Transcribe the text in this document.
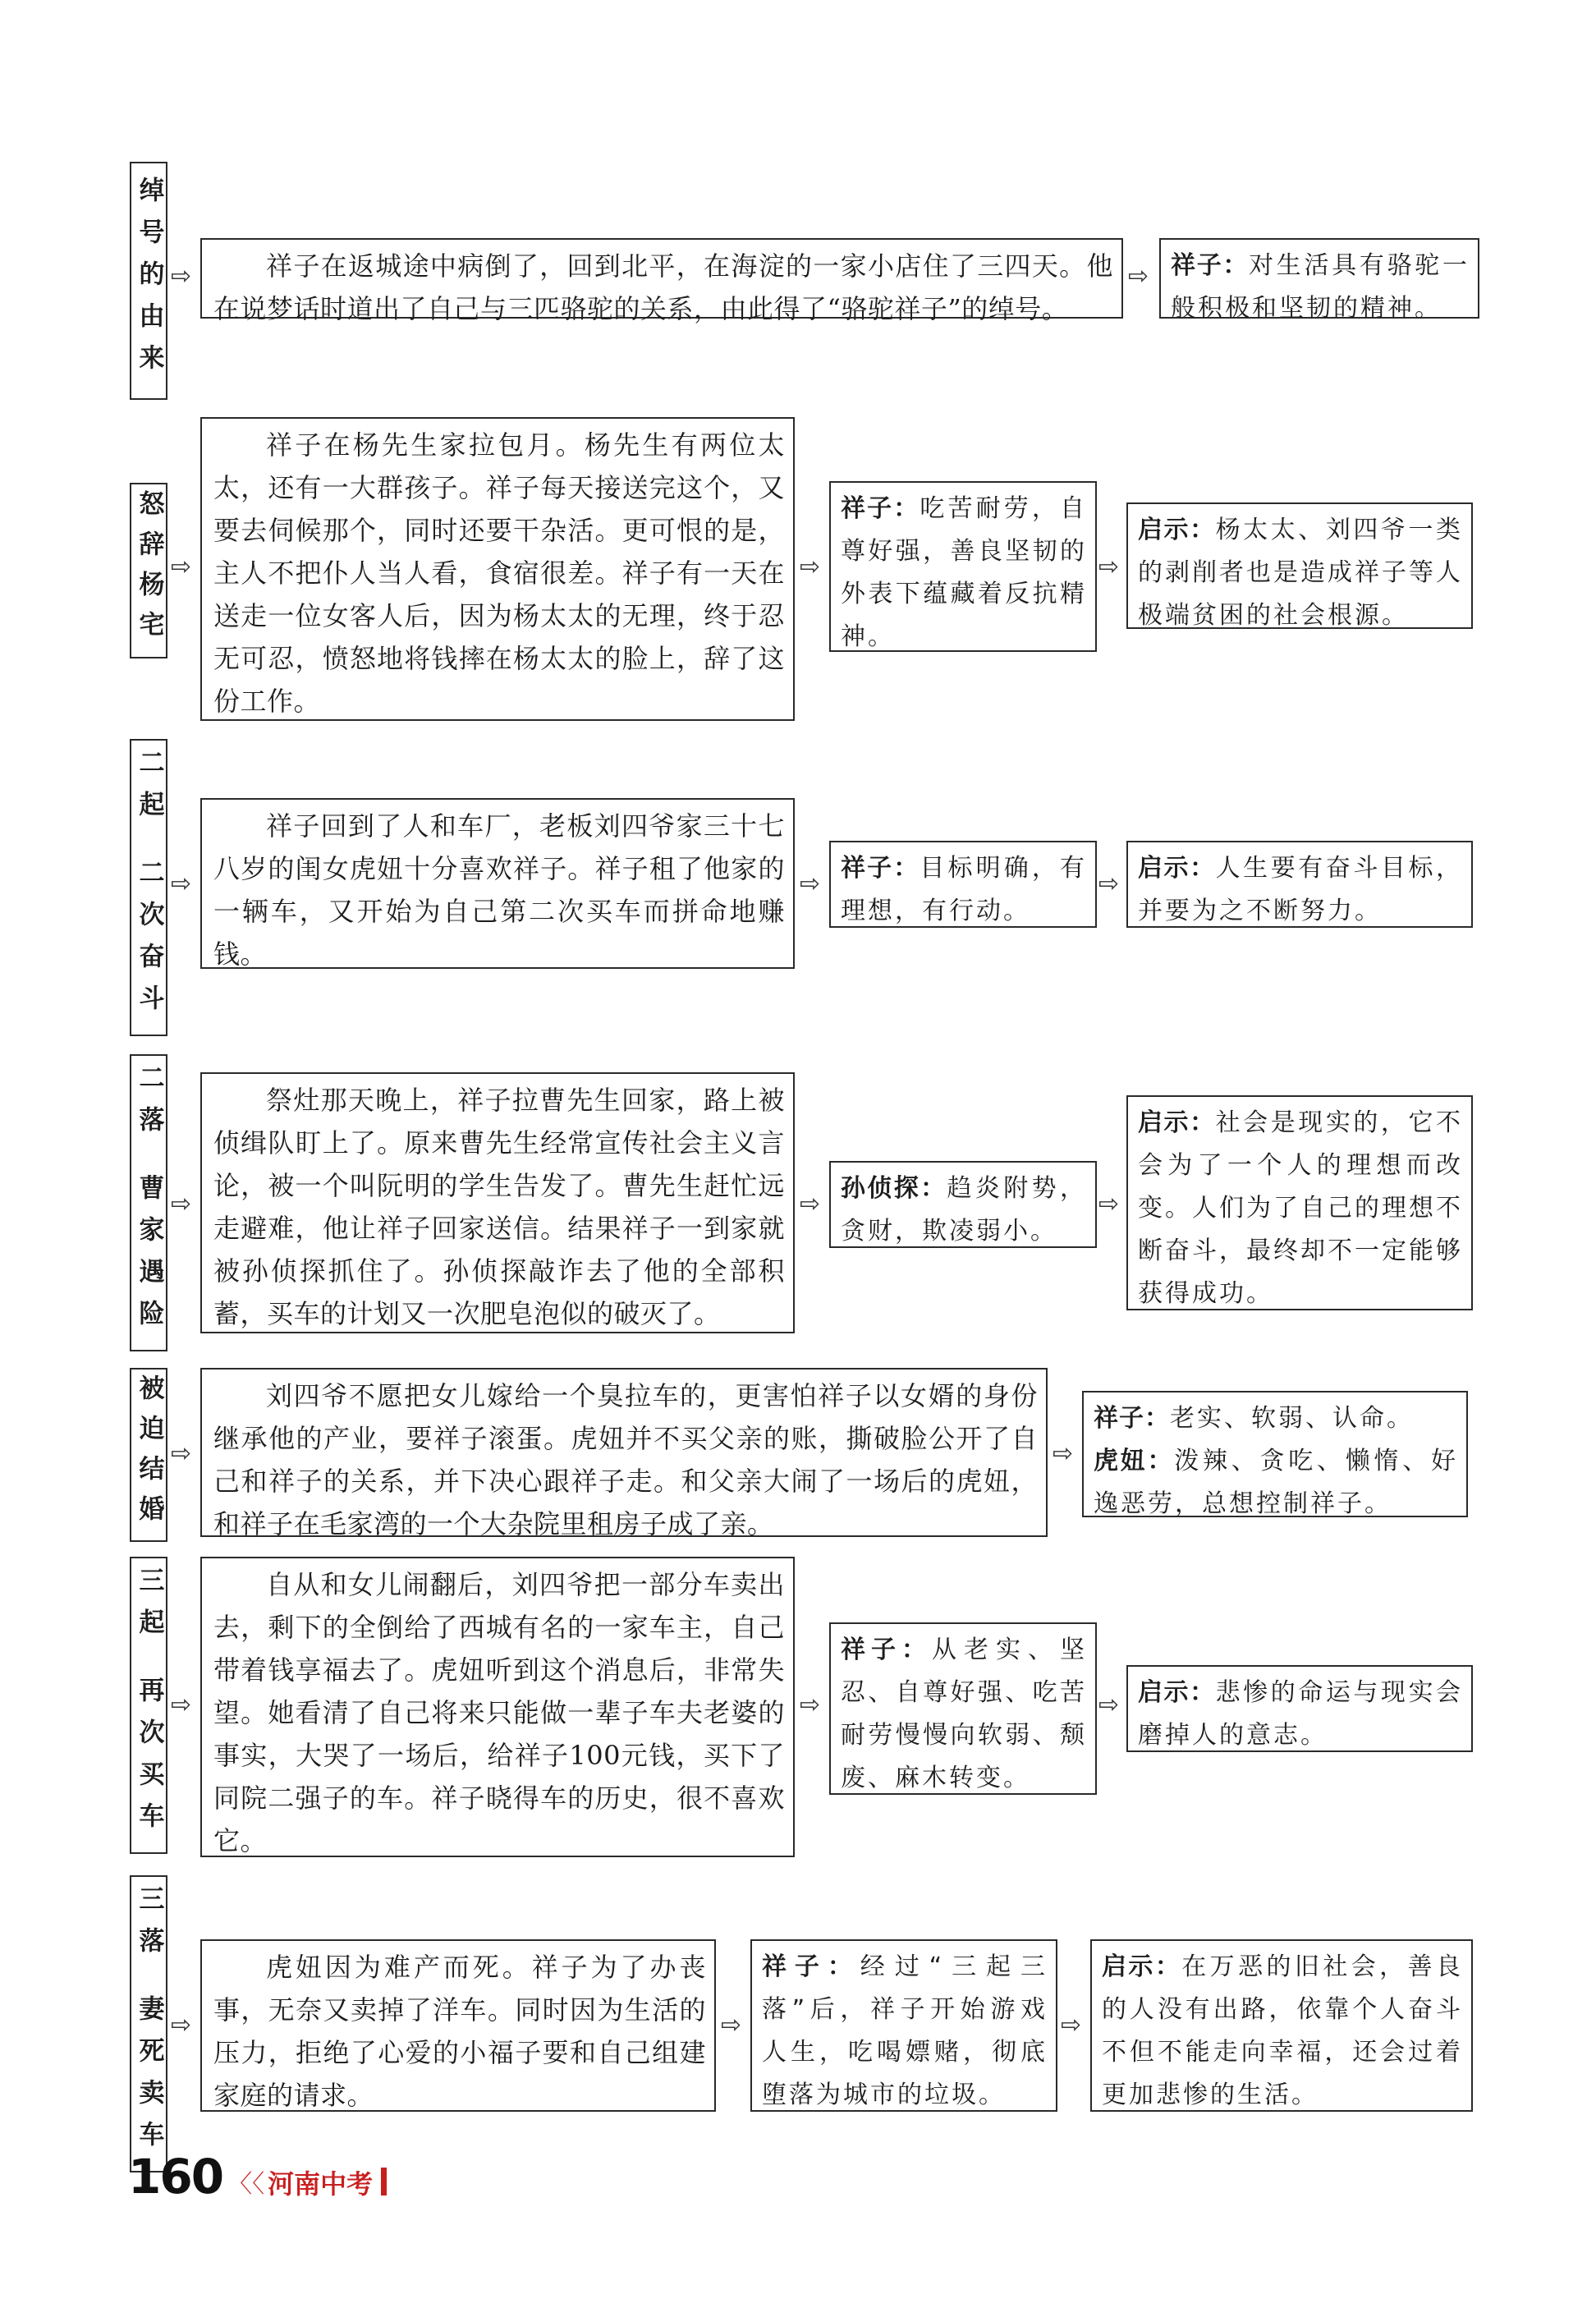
绰号的由来 ⇨	祥子在返城途中病倒了，回到北平，在海淀的一家小店住了三四天。他在说梦话时道出了自己与三匹骆驼的关系，由此得了“骆驼祥子”的绰号。
⇨ 祥子：对生活具有骆驼一般积极和坚韧的精神。
怒辞杨宅 ⇨
祥子在杨先生家拉包月。杨先生有两位太太，还有一大群孩子。祥子每天接送完这个，又要去伺候那个，同时还要干杂活。更可恨的是，主人不把仆人当人看，食宿很差。祥子有一天在送走一位女客人后，因为杨太太的无理，终于忍无可忍，愤怒地将钱摔在杨太太的脸上，辞了这份工作。
⇨
祥子：吃苦耐劳，自尊好强，善良坚韧的外表下蕴藏着反抗精神。
⇨
启示：杨太太、刘四爷一类的剥削者也是造成祥子等人极端贫困的社会根源。
二起
二次奋斗 ⇨
祥子回到了人和车厂，老板刘四爷家三十七八岁的闺女虎妞十分喜欢祥子。祥子租了他家的一辆车，又开始为自己第二次买车而拼命地赚钱。
⇨
祥子：目标明确，有理想，有行动。
⇨
启示：人生要有奋斗目标，并要为之不断努力。
二落
曹家遇险 ⇨
祭灶那天晚上，祥子拉曹先生回家，路上被侦缉队盯上了。原来曹先生经常宣传社会主义言论，被一个叫阮明的学生告发了。曹先生赶忙远走避难，他让祥子回家送信。结果祥子一到家就被孙侦探抓住了。孙侦探敲诈去了他的全部积蓄，买车的计划又一次肥皂泡似的破灭了。
⇨
孙侦探：趋炎附势，贪财，欺凌弱小。
⇨
启示：社会是现实的，它不会为了一个人的理想而改变。人们为了自己的理想不断奋斗，最终却不一定能够获得成功。
被迫结婚 ⇨
刘四爷不愿把女儿嫁给一个臭拉车的，更害怕祥子以女婿的身份继承他的产业，要祥子滚蛋。虎妞并不买父亲的账，撕破脸公开了自己和祥子的关系，并下决心跟祥子走。和父亲大闹了一场后的虎妞，和祥子在毛家湾的一个大杂院里租房子成了亲。
⇨
祥子：老实、软弱、认命。
虎妞：泼辣、贪吃、懒惰、好逸恶劳，总想控制祥子。
三起
再次买车 ⇨
自从和女儿闹翻后，刘四爷把一部分车卖出去，剩下的全倒给了西城有名的一家车主，自己带着钱享福去了。虎妞听到这个消息后，非常失望。她看清了自己将来只能做一辈子车夫老婆的事实，大哭了一场后，给祥子100元钱，买下了同院二强子的车。祥子晓得车的历史，很不喜欢它。
⇨
祥子：从老实、坚忍、自尊好强、吃苦耐劳慢慢向软弱、颓废、麻木转变。
⇨ 启示：悲惨的命运与现实会磨掉人的意志。
三落
妻死卖车 ⇨
虎妞因为难产而死。祥子为了办丧事，无奈又卖掉了洋车。同时因为生活的压力，拒绝了心爱的小福子要和自己组建家庭的请求。
⇨
祥子：经过“三起三落”后，祥子开始游戏人生，吃喝嫖赌，彻底堕落为城市的垃圾。
⇨
启示：在万恶的旧社会，善良的人没有出路，依靠个人奋斗不但不能走向幸福，还会过着更加悲惨的生活。
160 〈〈 河南中考
